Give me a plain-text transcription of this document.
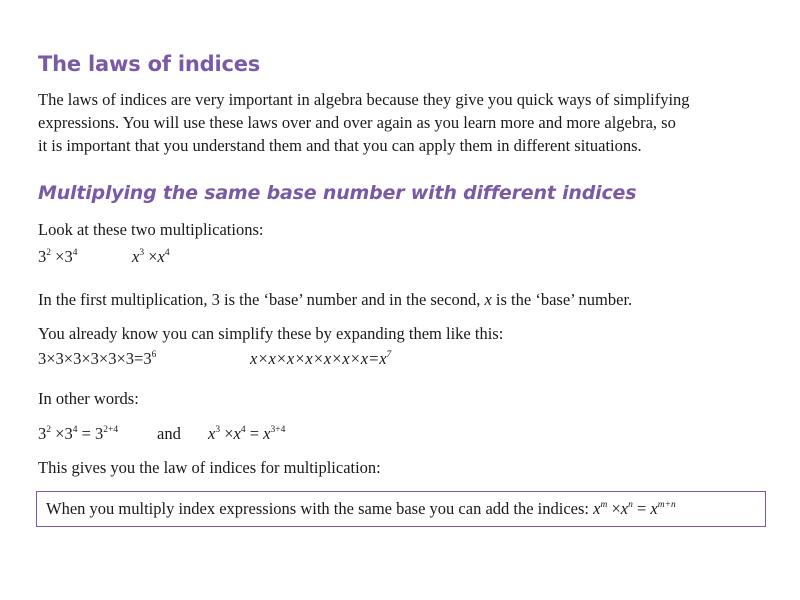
The laws of indices
The laws of indices are very important in algebra because they give you quick ways of simplifying
expressions. You will use these laws over and over again as you learn more and more algebra, so
it is important that you understand them and that you can apply them in different situations.
Multiplying the same base number with different indices
Look at these two multiplications:
$3^2 \times 3^4$	$x^3 \times x^4$
In the first multiplication, 3 is the ‘base’ number and in the second, x is the ‘base’ number.
You already know you can simplify these by expanding them like this:
$3\times 3\times 3\times 3\times 3\times 3=3^6$	$x\times x\times x\times x\times x\times x\times x=x^7$
In other words:
$3^2 \times 3^4 = 3^{2+4}$ and $x^3 \times x^4 = x^{3+4}$
This gives you the law of indices for multiplication:
When you multiply index expressions with the same base you can add the indices: $x^m \times x^n = x^{m+n}$
